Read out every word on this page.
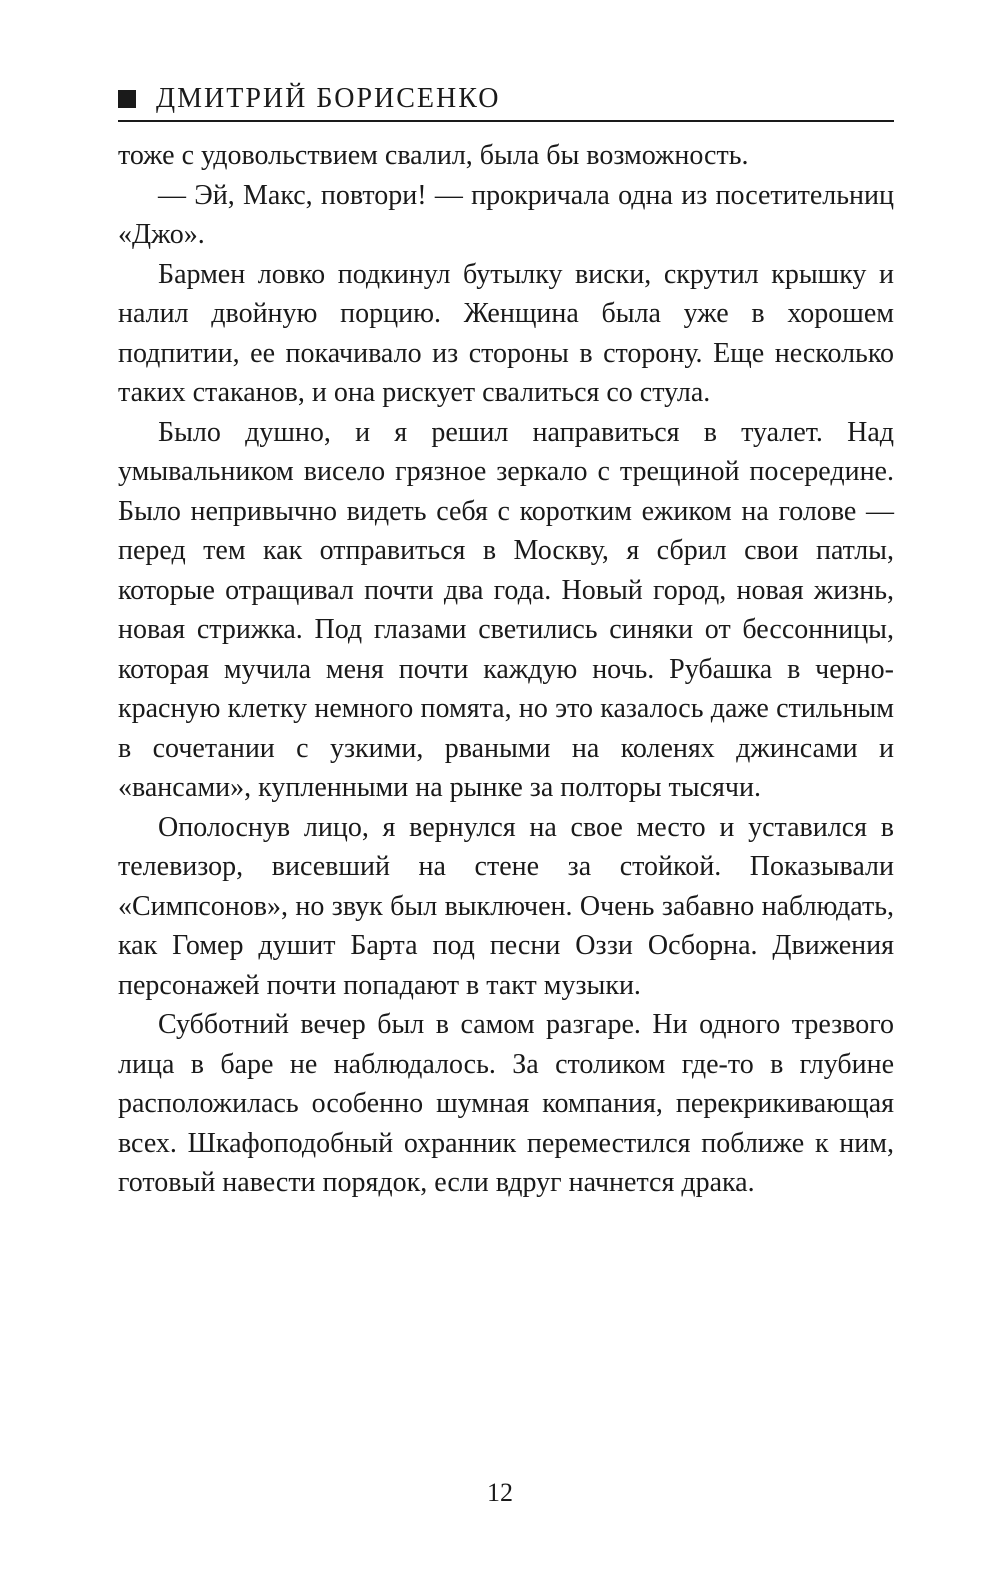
ДМИТРИЙ БОРИСЕНКО

тоже с удовольствием свалил, была бы возможность.

— Эй, Макс, повтори! — прокричала одна из посетительниц «Джо».

Бармен ловко подкинул бутылку виски, скрутил крышку и налил двойную порцию. Женщина была уже в хорошем подпитии, ее покачивало из стороны в сторону. Еще несколько таких стаканов, и она рискует свалиться со стула.

Было душно, и я решил направиться в туалет. Над умывальником висело грязное зеркало с трещиной посередине. Было непривычно видеть себя с коротким ежиком на голове — перед тем как отправиться в Москву, я сбрил свои патлы, которые отращивал почти два года. Новый город, новая жизнь, новая стрижка. Под глазами светились синяки от бессонницы, которая мучила меня почти каждую ночь. Рубашка в черно-красную клетку немного помята, но это казалось даже стильным в сочетании с узкими, рваными на коленях джинсами и «вансами», купленными на рынке за полторы тысячи.

Ополоснув лицо, я вернулся на свое место и уставился в телевизор, висевший на стене за стойкой. Показывали «Симпсонов», но звук был выключен. Очень забавно наблюдать, как Гомер душит Барта под песни Оззи Осборна. Движения персонажей почти попадают в такт музыки.

Субботний вечер был в самом разгаре. Ни одного трезвого лица в баре не наблюдалось. За столиком где-то в глубине расположилась особенно шумная компания, перекрикивающая всех. Шкафоподобный охранник переместился поближе к ним, готовый навести порядок, если вдруг начнется драка.

12
